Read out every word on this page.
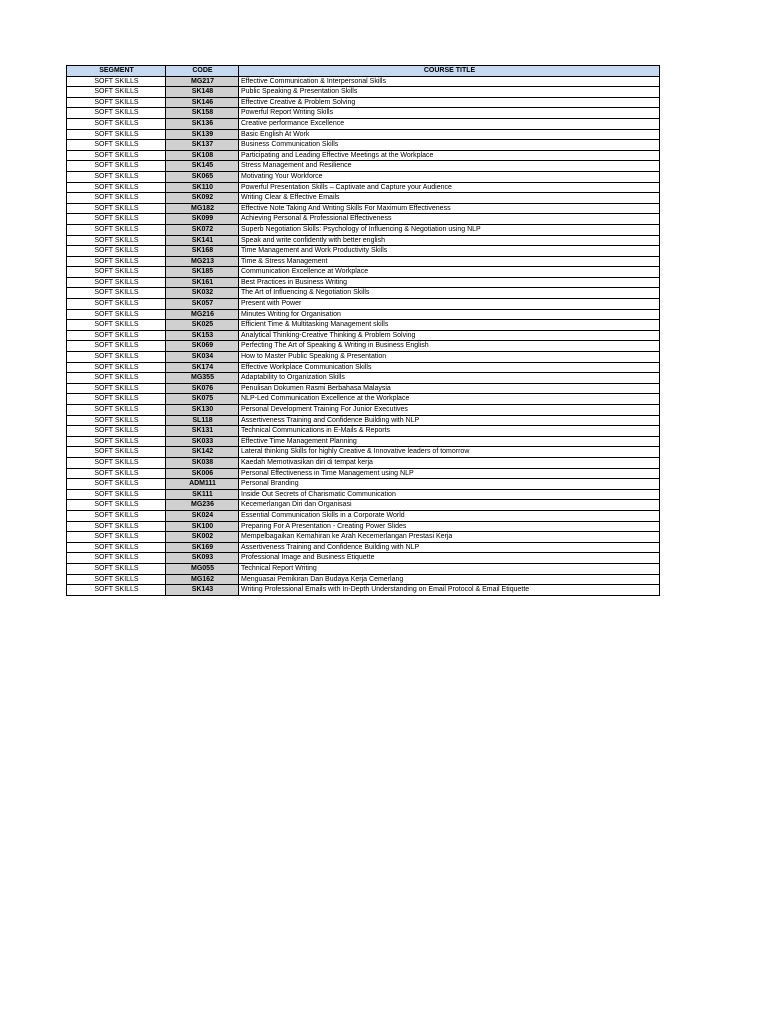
SEGMENT	CODE	COURSE TITLE
SOFT SKILLS	MG217	Effective Communication & Interpersonal Skills
SOFT SKILLS	SK148	Public Speaking & Presentation Skills
SOFT SKILLS	SK146	Effective Creative & Problem Solving
SOFT SKILLS	SK158	Powerful Report Writing Skills
SOFT SKILLS	SK136	Creative performance Excellence
SOFT SKILLS	SK139	Basic English At Work
SOFT SKILLS	SK137	Business Communication Skills
SOFT SKILLS	SK108	Participating and Leading Effective Meetings at the Workplace
SOFT SKILLS	SK145	Stress Management and Resilience
SOFT SKILLS	SK065	Motivating Your Workforce
SOFT SKILLS	SK110	Powerful Presentation Skills – Captivate and Capture your Audience
SOFT SKILLS	SK092	Writing Clear & Effective Emails
SOFT SKILLS	MG182	Effective Note Taking And Writing Skills For Maximum Effectiveness
SOFT SKILLS	SK099	Achieving Personal & Professional Effectiveness
SOFT SKILLS	SK072	Superb Negotiation Skills: Psychology of Influencing & Negotiation using NLP
SOFT SKILLS	SK141	Speak and write confidently with better english
SOFT SKILLS	SK168	Time Management and Work Productivity Skills
SOFT SKILLS	MG213	Time & Stress Management
SOFT SKILLS	SK185	Communication Excellence at Workplace
SOFT SKILLS	SK161	Best Practices in Business Writing
SOFT SKILLS	SK032	The Art of Influencing & Negotiation Skills
SOFT SKILLS	SK057	Present with Power
SOFT SKILLS	MG216	Minutes Writing for Organisation
SOFT SKILLS	SK025	Efficient Time & Multitasking Management skills
SOFT SKILLS	SK153	Analytical Thinking-Creative Thinking & Problem Solving
SOFT SKILLS	SK069	Perfecting The Art of Speaking & Writing in Business English
SOFT SKILLS	SK034	How to Master Public Speaking & Presentation
SOFT SKILLS	SK174	Effective Workplace Communication Skills
SOFT SKILLS	MG355	Adaptability to Organization Skills
SOFT SKILLS	SK076	Penulisan Dokumen Rasmi Berbahasa Malaysia
SOFT SKILLS	SK075	NLP-Led Communication Excellence at the Workplace
SOFT SKILLS	SK130	Personal Development Training For Junior Executives
SOFT SKILLS	SL118	Assertiveness Training and Confidence Building with NLP
SOFT SKILLS	SK131	Technical Communications in E-Mails & Reports
SOFT SKILLS	SK033	Effective Time Management Planning
SOFT SKILLS	SK142	Lateral thinking Skills for highly Creative & Innovative leaders of tomorrow
SOFT SKILLS	SK038	Kaedah Memotivasikan diri di tempat kerja
SOFT SKILLS	SK006	Personal Effectiveness in Time Management using NLP
SOFT SKILLS	ADM111	Personal Branding
SOFT SKILLS	SK111	Inside Out Secrets of Charismatic Communication
SOFT SKILLS	MG236	Kecemerlangan Diri dan Organisasi
SOFT SKILLS	SK024	Essential Communication Skills in a Corporate World
SOFT SKILLS	SK100	Preparing For A Presentation - Creating Power Slides
SOFT SKILLS	SK002	Mempelbagaikan Kemahiran ke Arah Kecemerlangan Prestasi Kerja
SOFT SKILLS	SK169	Assertiveness Training and Confidence Building with NLP
SOFT SKILLS	SK093	Professional Image and Business Etiquette
SOFT SKILLS	MG055	Technical Report Writing
SOFT SKILLS	MG162	Menguasai Pemikiran Dan Budaya Kerja Cemerlang
SOFT SKILLS	SK143	Writing Professional Emails with In-Depth Understanding on Email Protocol & Email Etiquette
